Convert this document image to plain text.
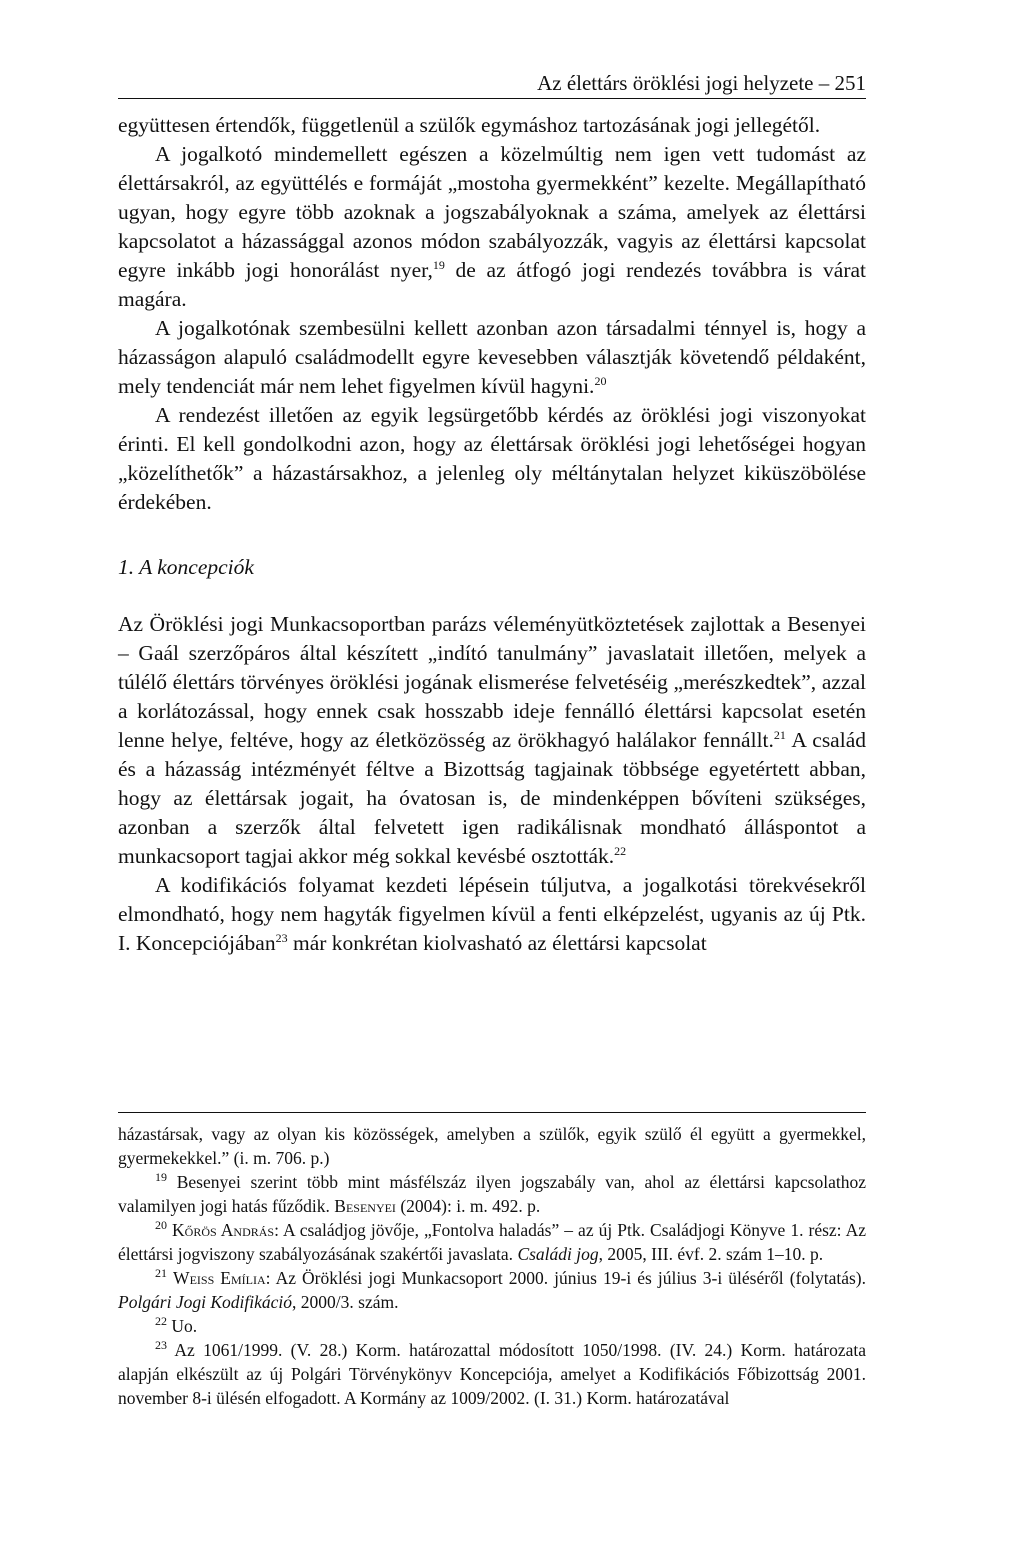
Az élettárs öröklési jogi helyzete – 251

együttesen értendők, függetlenül a szülők egymáshoz tartozásának jogi jellegétől.

A jogalkotó mindemellett egészen a közelmúltig nem igen vett tudomást az élettársakról, az együttélés e formáját „mostoha gyermekként” kezelte. Megállapítható ugyan, hogy egyre több azoknak a jogszabályoknak a száma, amelyek az élettársi kapcsolatot a házassággal azonos módon szabályozzák, vagyis az élettársi kapcsolat egyre inkább jogi honorálást nyer,$^{19}$ de az átfogó jogi rendezés továbbra is várat magára.

A jogalkotónak szembesülni kellett azonban azon társadalmi ténnyel is, hogy a házasságon alapuló családmodellt egyre kevesebben választják követendő példaként, mely tendenciát már nem lehet figyelmen kívül hagyni.$^{20}$

A rendezést illetően az egyik legsürgetőbb kérdés az öröklési jogi viszonyokat érinti. El kell gondolkodni azon, hogy az élettársak öröklési jogi lehetőségei hogyan „közelíthetők” a házastársakhoz, a jelenleg oly méltánytalan helyzet kiküszöbölése érdekében.

1. A koncepciók

Az Öröklési jogi Munkacsoportban parázs véleményütköztetések zajlottak a Besenyei – Gaál szerzőpáros által készített „indító tanulmány” javaslatait illetően, melyek a túlélő élettárs törvényes öröklési jogának elismerése felvetéséig „merészkedtek”, azzal a korlátozással, hogy ennek csak hosszabb ideje fennálló élettársi kapcsolat esetén lenne helye, feltéve, hogy az életközösség az örökhagyó halálakor fennállt.$^{21}$ A család és a házasság intézményét féltve a Bizottság tagjainak többsége egyetértett abban, hogy az élettársak jogait, ha óvatosan is, de mindenképpen bővíteni szükséges, azonban a szerzők által felvetett igen radikálisnak mondható álláspontot a munkacsoport tagjai akkor még sokkal kevésbé osztották.$^{22}$

A kodifikációs folyamat kezdeti lépésein túljutva, a jogalkotási törekvésekről elmondható, hogy nem hagyták figyelmen kívül a fenti elképzelést, ugyanis az új Ptk. I. Koncepciójában$^{23}$ már konkrétan kiolvasható az élettársi kapcsolat

házastársak, vagy az olyan kis közösségek, amelyben a szülők, egyik szülő él együtt a gyermekkel, gyermekekkel.” (i. m. 706. p.)

$^{19}$ Besenyei szerint több mint másfélszáz ilyen jogszabály van, ahol az élettársi kapcsolathoz valamilyen jogi hatás fűződik. Besenyei (2004): i. m. 492. p.

$^{20}$ Kőrös András: A családjog jövője, „Fontolva haladás” – az új Ptk. Családjogi Könyve 1. rész: Az élettársi jogviszony szabályozásának szakértői javaslata. Családi jog, 2005, III. évf. 2. szám 1–10. p.

$^{21}$ Weiss Emília: Az Öröklési jogi Munkacsoport 2000. június 19-i és július 3-i üléséről (folytatás). Polgári Jogi Kodifikáció, 2000/3. szám.

$^{22}$ Uo.

$^{23}$ Az 1061/1999. (V. 28.) Korm. határozattal módosított 1050/1998. (IV. 24.) Korm. határozata alapján elkészült az új Polgári Törvénykönyv Koncepciója, amelyet a Kodifikációs Főbizottság 2001. november 8-i ülésén elfogadott. A Kormány az 1009/2002. (I. 31.) Korm. határozatával
